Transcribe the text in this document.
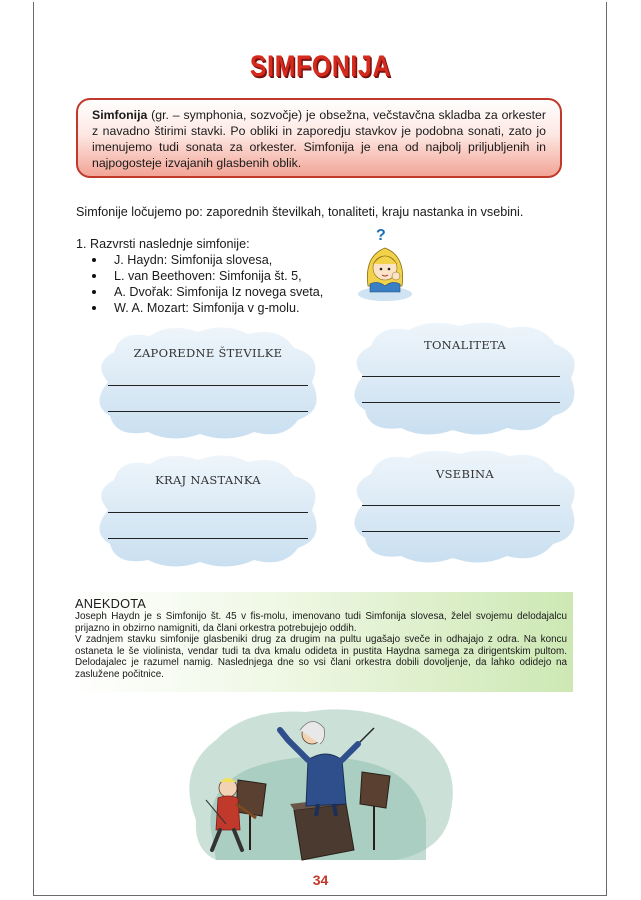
SIMFONIJA
Simfonija (gr. – symphonia, sozvočje) je obsežna, večstavčna skladba za orkester z navadno štirimi stavki. Po obliki in zaporedju stavkov je podobna sonati, zato jo imenujemo tudi sonata za orkester. Simfonija je ena od najbolj priljubljenih in najpogosteje izvajanih glasbenih oblik.
Simfonije ločujemo po: zaporednih številkah, tonaliteti, kraju nastanka in vsebini.
1. Razvrsti naslednje simfonije:
J. Haydn: Simfonija slovesa,
L. van Beethoven: Simfonija št. 5,
A. Dvořak: Simfonija Iz novega sveta,
W. A. Mozart: Simfonija v g-molu.
?
ZAPOREDNE ŠTEVILKE
TONALITETA
KRAJ NASTANKA	VSEBINA
ANEKDOTA

Joseph Haydn je s Simfonijo št. 45 v fis-molu, imenovano tudi Simfonija slovesa, želel svojemu delodajalcu prijazno in obzirno namigniti, da člani orkestra potrebujejo oddih.

V zadnjem stavku simfonije glasbeniki drug za drugim na pultu ugašajo sveče in odhajajo z odra. Na koncu ostaneta le še violinista, vendar tudi ta dva kmalu odideta in pustita Haydna samega za dirigentskim pultom. Delodajalec je razumel namig. Naslednjega dne so vsi člani orkestra dobili dovoljenje, da lahko odidejo na zaslužene počitnice.

34
